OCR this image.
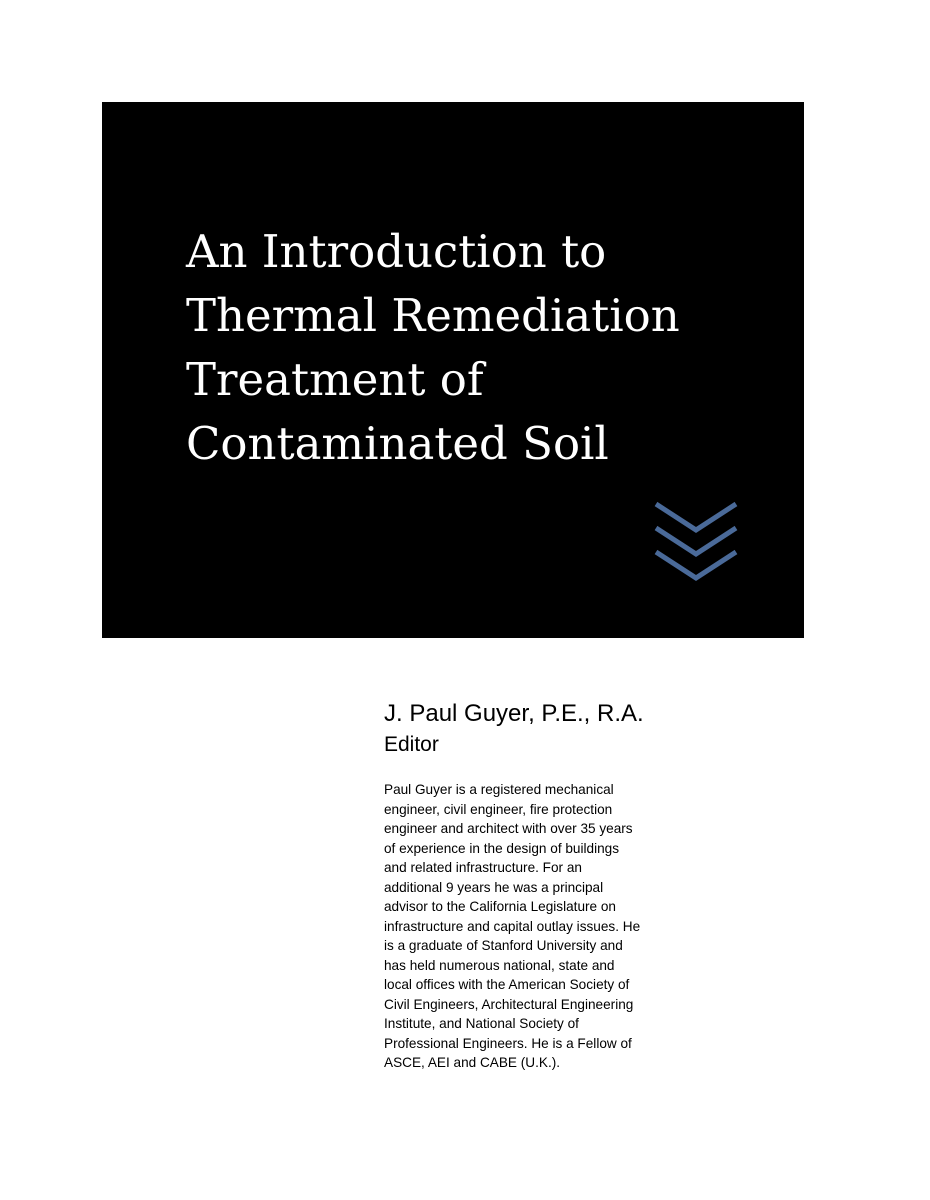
An Introduction to
Thermal Remediation
Treatment of
Contaminated Soil

J. Paul Guyer, P.E., R.A.

Editor

Paul Guyer is a registered mechanical
engineer, civil engineer, fire protection
engineer and architect with over 35 years
of experience in the design of buildings
and related infrastructure. For an
additional 9 years he was a principal
advisor to the California Legislature on
infrastructure and capital outlay issues. He
is a graduate of Stanford University and
has held numerous national, state and
local offices with the American Society of
Civil Engineers, Architectural Engineering
Institute, and National Society of
Professional Engineers. He is a Fellow of
ASCE, AEI and CABE (U.K.).
